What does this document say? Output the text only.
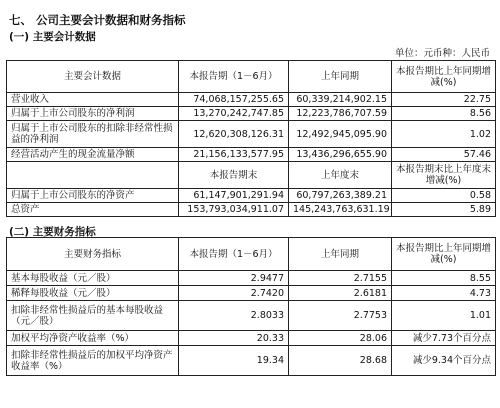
七、 公司主要会计数据和财务指标
(一) 主要会计数据
单位：元币种：人民币
主要会计数据	本报告期（1－6月）	上年同期	本报告期比上年同期增减(%)
营业收入	74,068,157,255.65	60,339,214,902.15	22.75
归属于上市公司股东的净利润	13,270,242,747.85	12,223,786,707.59	8.56
归属于上市公司股东的扣除非经常性损益的净利润	12,620,308,126.31	12,492,945,095.90	1.02
经营活动产生的现金流量净额	21,156,133,577.95	13,436,296,655.90	57.46
	本报告期末	上年度末	本报告期末比上年度末增减(%)
归属于上市公司股东的净资产	61,147,901,291.94	60,797,263,389.21	0.58
总资产	153,793,034,911.07	145,243,763,631.19	5.89
(二) 主要财务指标
主要财务指标	本报告期（1－6月）	上年同期	本报告期比上年同期增减(%)
基本每股收益（元／股）	2.9477	2.7155	8.55
稀释每股收益（元／股）	2.7420	2.6181	4.73
扣除非经常性损益后的基本每股收益（元／股）	2.8033	2.7753	1.01
加权平均净资产收益率（%）	20.33	28.06	减少7.73个百分点
扣除非经常性损益后的加权平均净资产收益率（%）	19.34	28.68	减少9.34个百分点
